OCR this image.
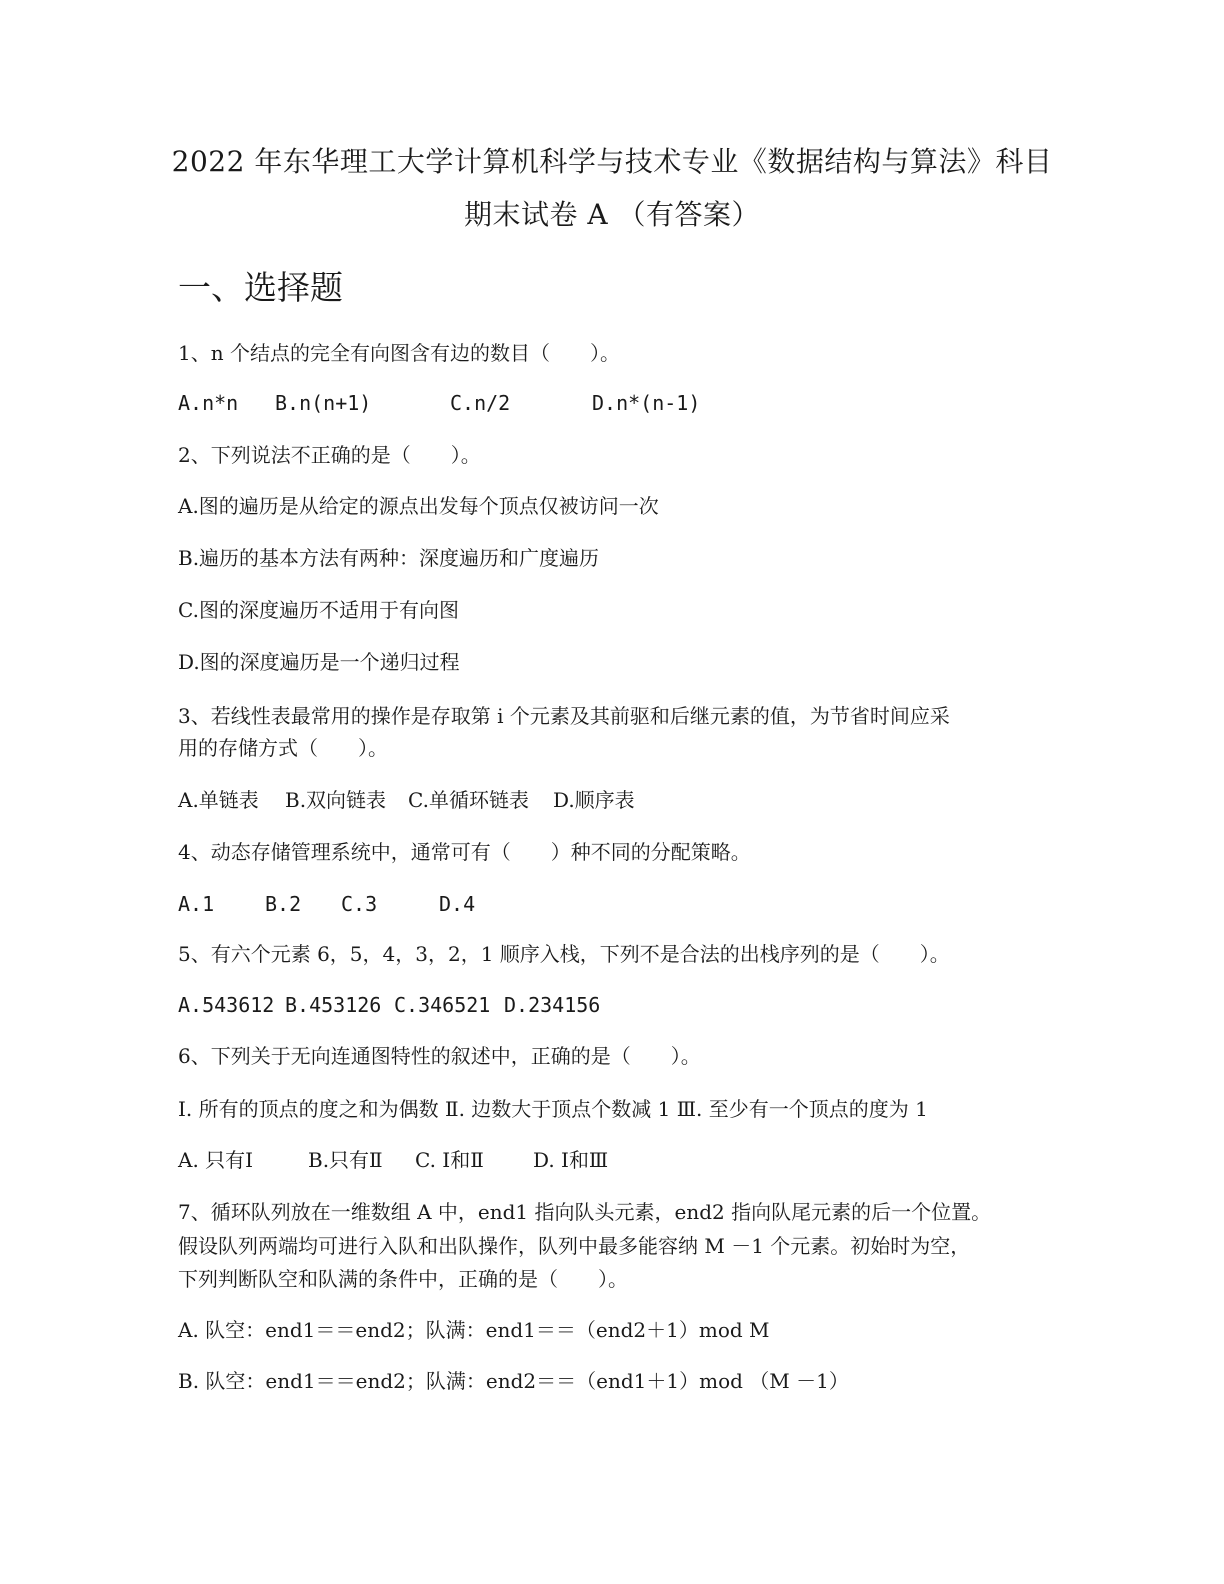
2022 年东华理工大学计算机科学与技术专业《数据结构与算法》科目
期末试卷 A （有答案）
一、选择题
1、n 个结点的完全有向图含有边的数目（　　）。
A.n*n B.n(n+1)	C.n/2	D.n*(n-1)
2、下列说法不正确的是（　　）。
A.图的遍历是从给定的源点出发每个顶点仅被访问一次
B.遍历的基本方法有两种：深度遍历和广度遍历
C.图的深度遍历不适用于有向图
D.图的深度遍历是一个递归过程
3、若线性表最常用的操作是存取第 i 个元素及其前驱和后继元素的值，为节省时间应采
用的存储方式（　　）。
A.单链表 B.双向链表 C.单循环链表 D.顺序表
4、动态存储管理系统中，通常可有（　　）种不同的分配策略。
A.1	B.2 C.3	D.4
5、有六个元素 6，5，4，3，2，1 顺序入栈，下列不是合法的出栈序列的是（　　）。
A.543612 B.453126 C.346521 D.234156
6、下列关于无向连通图特性的叙述中，正确的是（　　）。
Ⅰ. 所有的顶点的度之和为偶数 Ⅱ. 边数大于顶点个数减 1 Ⅲ. 至少有一个顶点的度为 1
A. 只有Ⅰ	B.只有Ⅱ C. Ⅰ和Ⅱ D. Ⅰ和Ⅲ
7、循环队列放在一维数组 A 中，end1 指向队头元素，end2 指向队尾元素的后一个位置。
假设队列两端均可进行入队和出队操作，队列中最多能容纳 M －1 个元素。初始时为空，
下列判断队空和队满的条件中，正确的是（　　）。
A. 队空：end1＝＝end2；队满：end1＝＝（end2＋1）mod M
B. 队空：end1＝＝end2；队满：end2＝＝（end1＋1）mod （M －1）
